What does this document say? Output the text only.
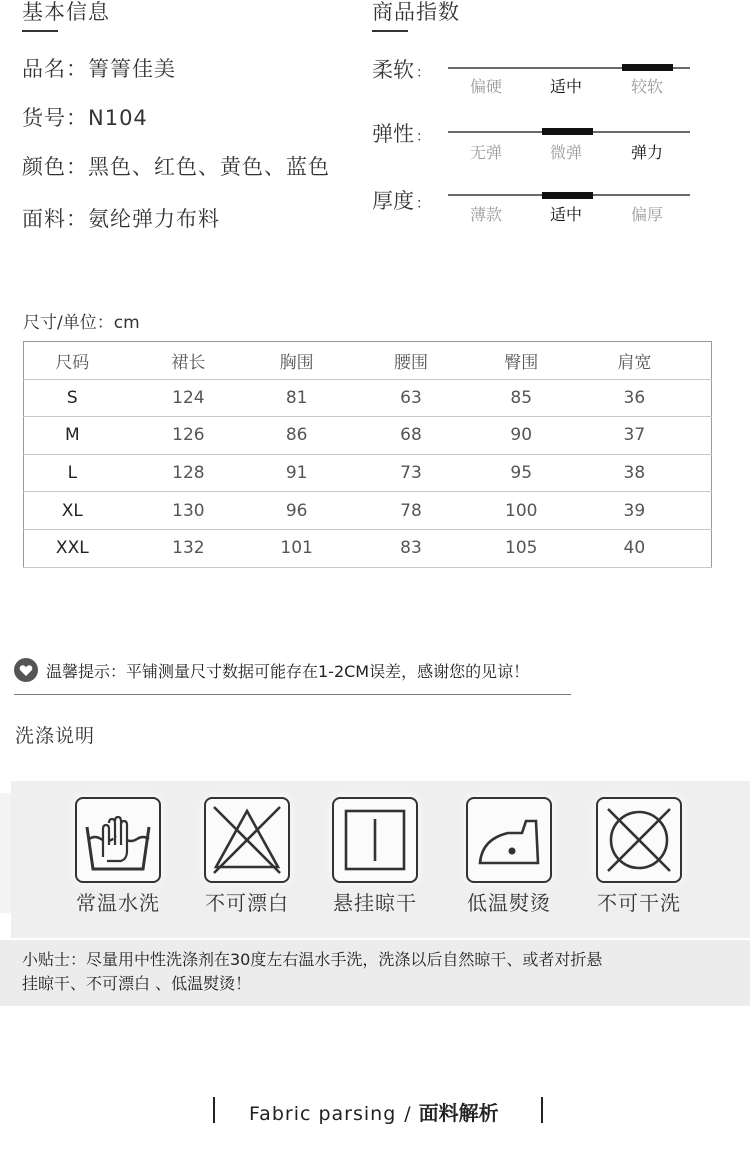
基本信息
品名：箐箐佳美
货号：N104
颜色：黑色、红色、黄色、蓝色
面料：氨纶弹力布料
商品指数
柔软 ：
偏硬	适中	较软
弹性 ：
无弹	微弹	弹力
厚度 ：
薄款	适中	偏厚
尺寸/单位：cm
尺码	裙长	胸围	腰围	臀围	肩宽
S	124	81	63	85	36
M	126	86	68	90	37
L	128	91	73	95	38
XL	130	96	78	100	39
XXL	132	101	83	105	40
温馨提示：平铺测量尺寸数据可能存在1-2CM误差，感谢您的见谅！
洗涤说明
常温水洗	不可漂白	悬挂晾干	低温熨烫	不可干洗

小贴士：尽量用中性洗涤剂在30度左右温水手洗，洗涤以后自然晾干、或者对折悬

挂晾干、不可漂白 、低温熨烫！

Fabric parsing / 面料解析
